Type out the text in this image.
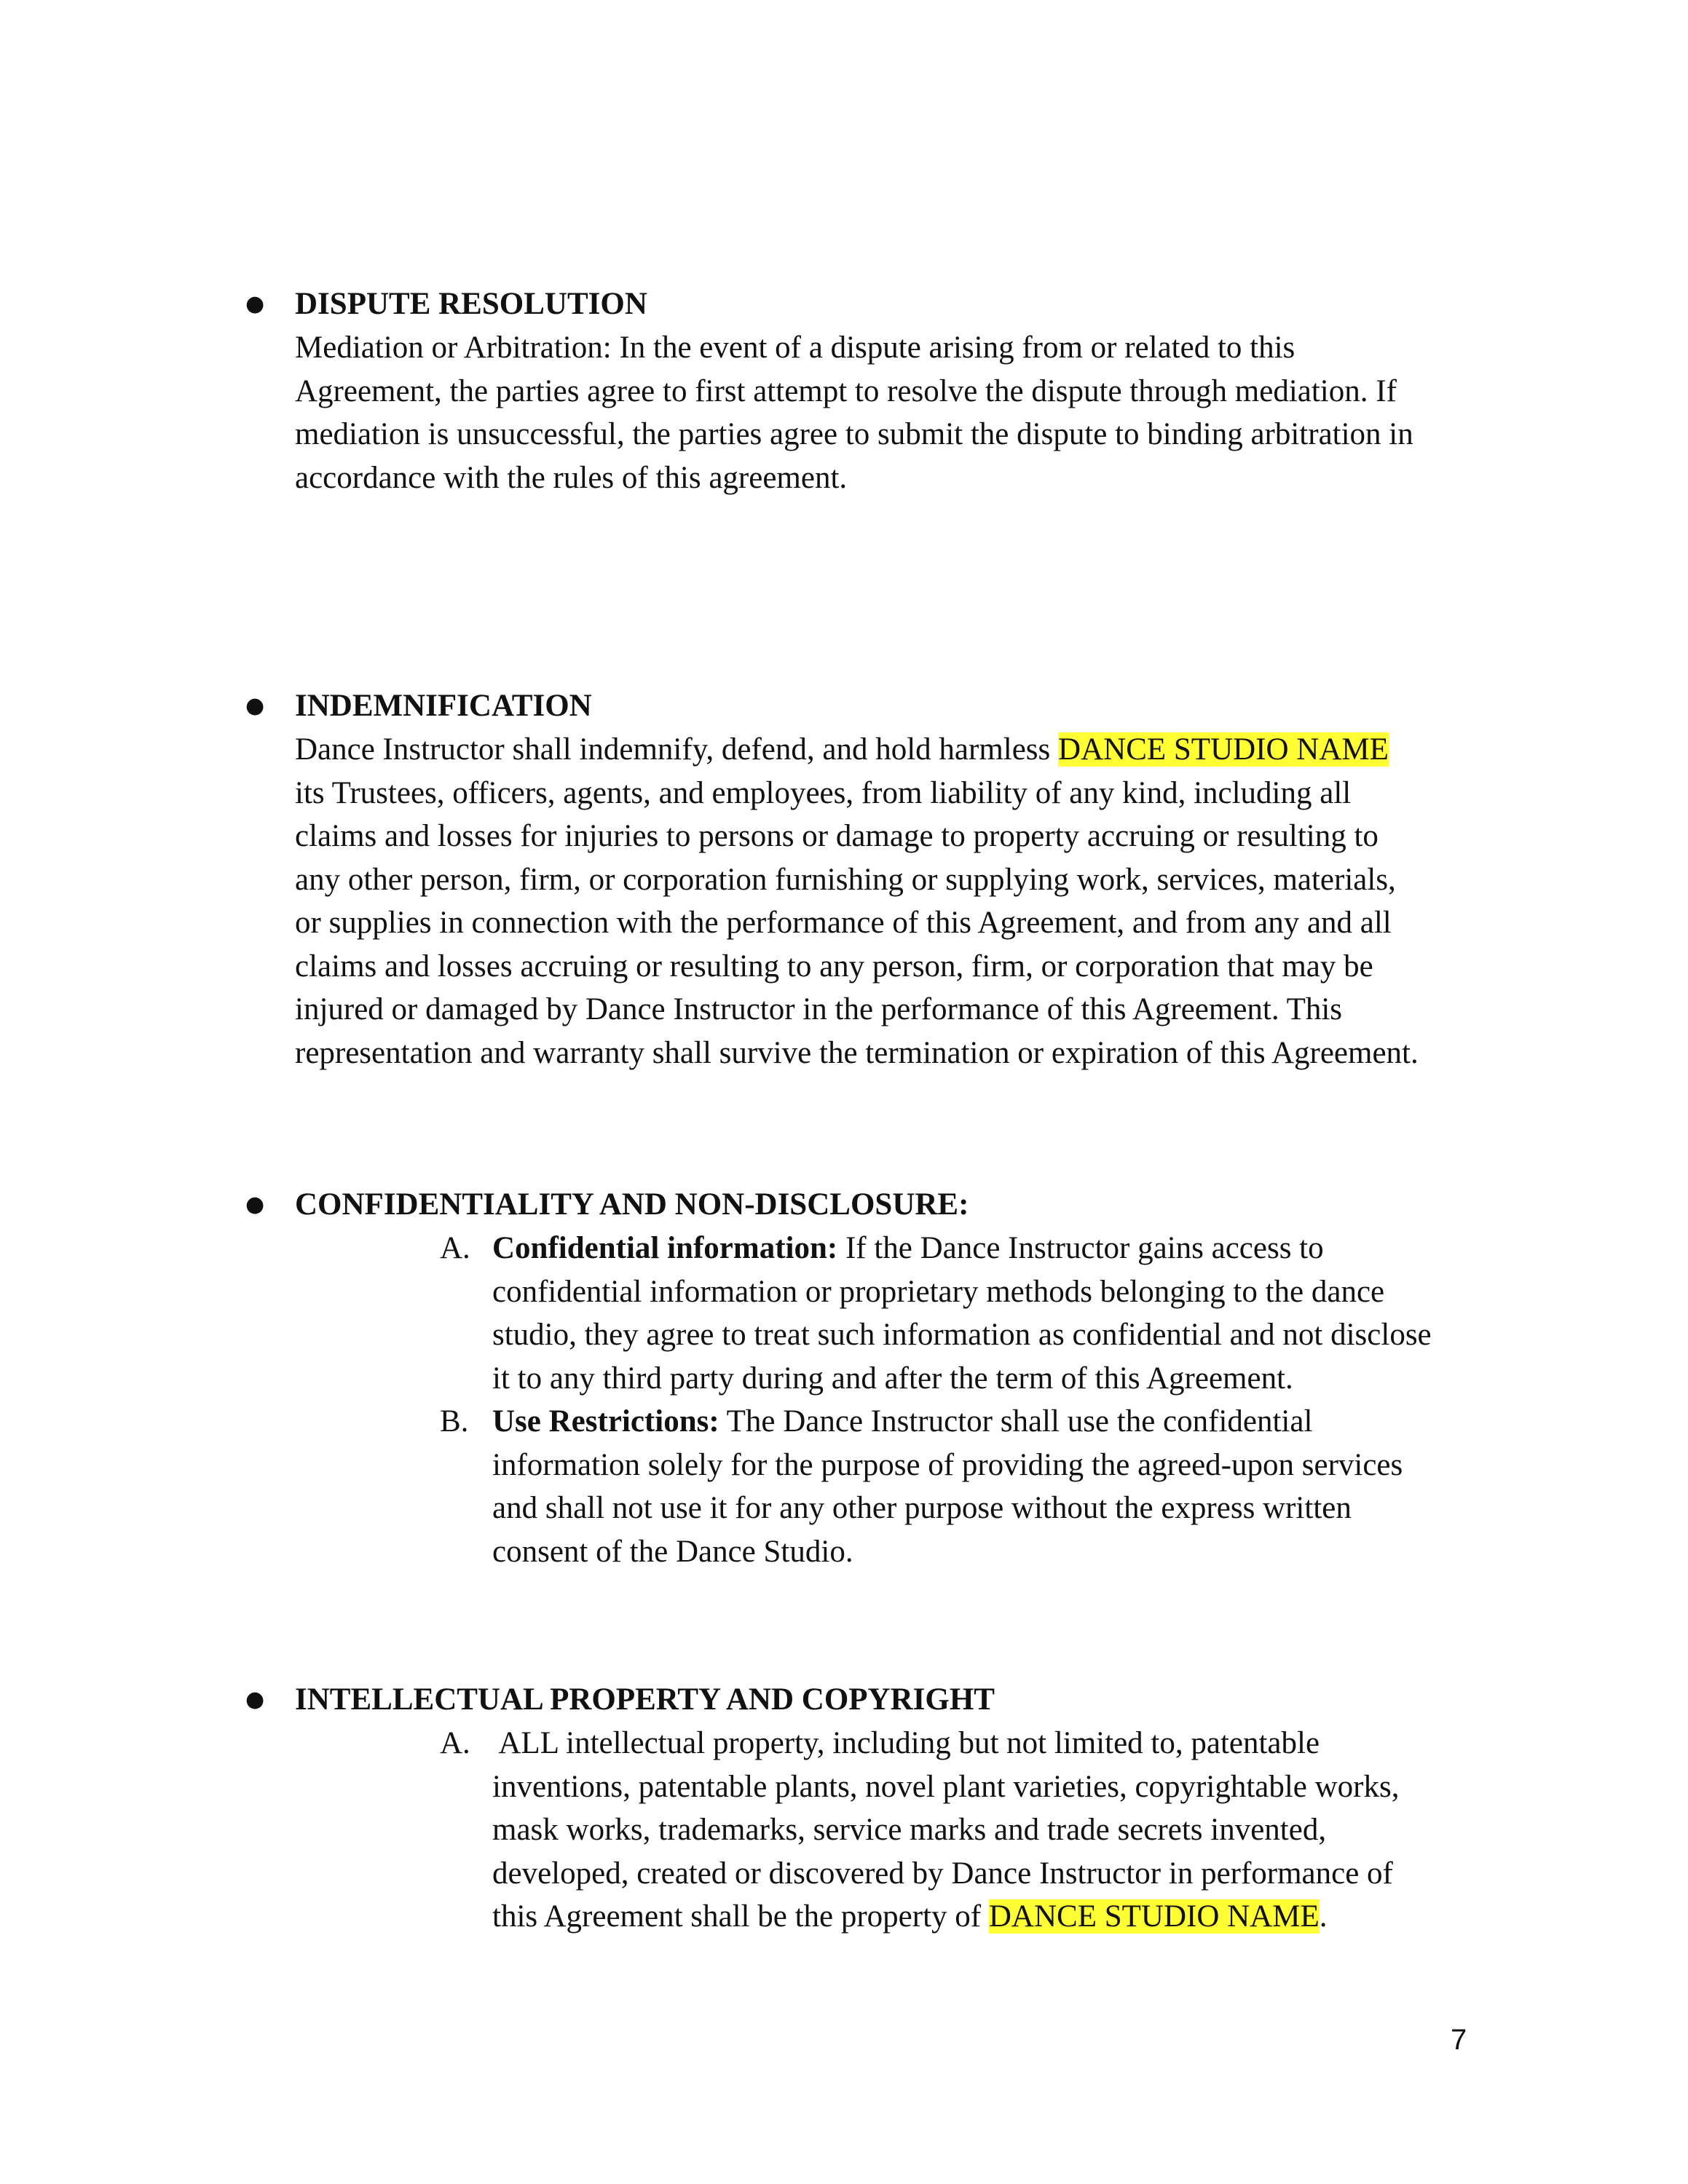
● DISPUTE RESOLUTION
Mediation or Arbitration: In the event of a dispute arising from or related to this
Agreement, the parties agree to first attempt to resolve the dispute through mediation. If
mediation is unsuccessful, the parties agree to submit the dispute to binding arbitration in
accordance with the rules of this agreement.
● INDEMNIFICATION
Dance Instructor shall indemnify, defend, and hold harmless DANCE STUDIO NAME
its Trustees, officers, agents, and employees, from liability of any kind, including all
claims and losses for injuries to persons or damage to property accruing or resulting to
any other person, firm, or corporation furnishing or supplying work, services, materials,
or supplies in connection with the performance of this Agreement, and from any and all
claims and losses accruing or resulting to any person, firm, or corporation that may be
injured or damaged by Dance Instructor in the performance of this Agreement. This
representation and warranty shall survive the termination or expiration of this Agreement.
● CONFIDENTIALITY AND NON-DISCLOSURE:
A. Confidential information: If the Dance Instructor gains access to
confidential information or proprietary methods belonging to the dance
studio, they agree to treat such information as confidential and not disclose
it to any third party during and after the term of this Agreement.
B. Use Restrictions: The Dance Instructor shall use the confidential
information solely for the purpose of providing the agreed-upon services
and shall not use it for any other purpose without the express written
consent of the Dance Studio.
● INTELLECTUAL PROPERTY AND COPYRIGHT
A. ALL intellectual property, including but not limited to, patentable
inventions, patentable plants, novel plant varieties, copyrightable works,
mask works, trademarks, service marks and trade secrets invented,
developed, created or discovered by Dance Instructor in performance of
this Agreement shall be the property of DANCE STUDIO NAME.
7
